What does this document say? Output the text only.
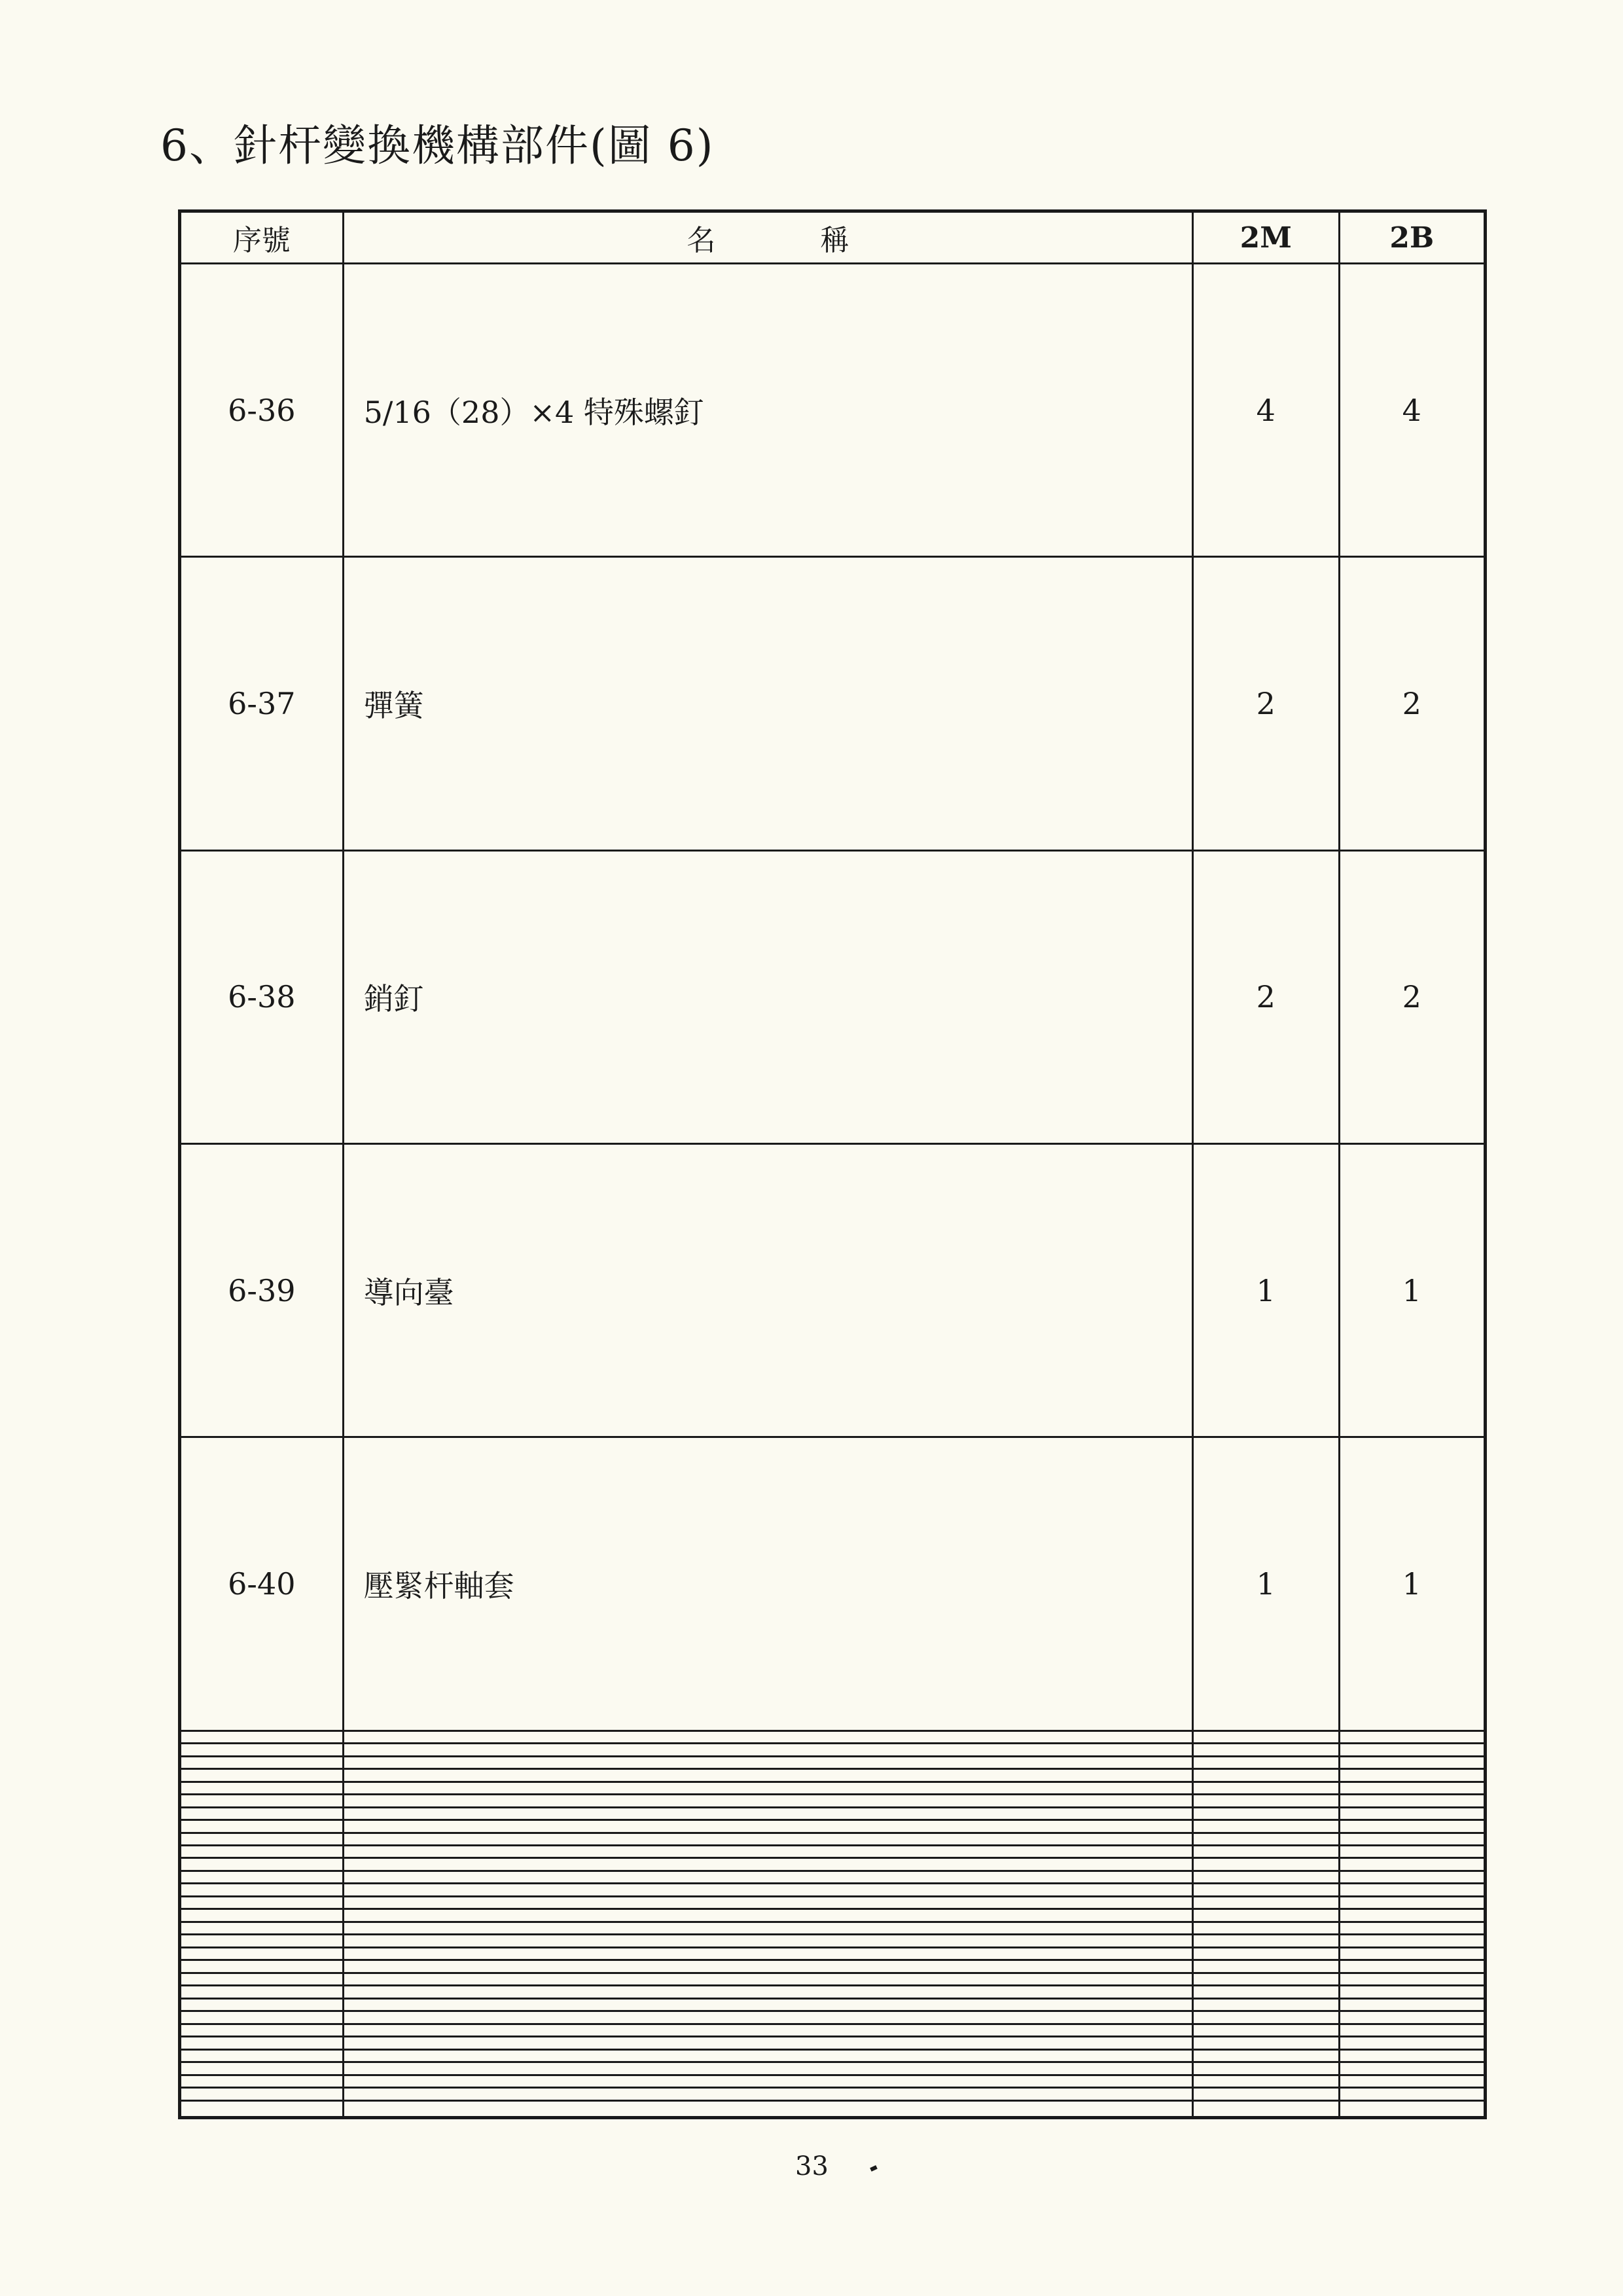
6、針杆變換機構部件(圖 6)
序號	名 稱	2M	2B
6-36	5/16（28）×4 特殊螺釘	4	4
6-37	彈簧	2	2
6-38	銷釘	2	2
6-39	導向臺	1	1
6-40	壓緊杆軸套	1	1

33
